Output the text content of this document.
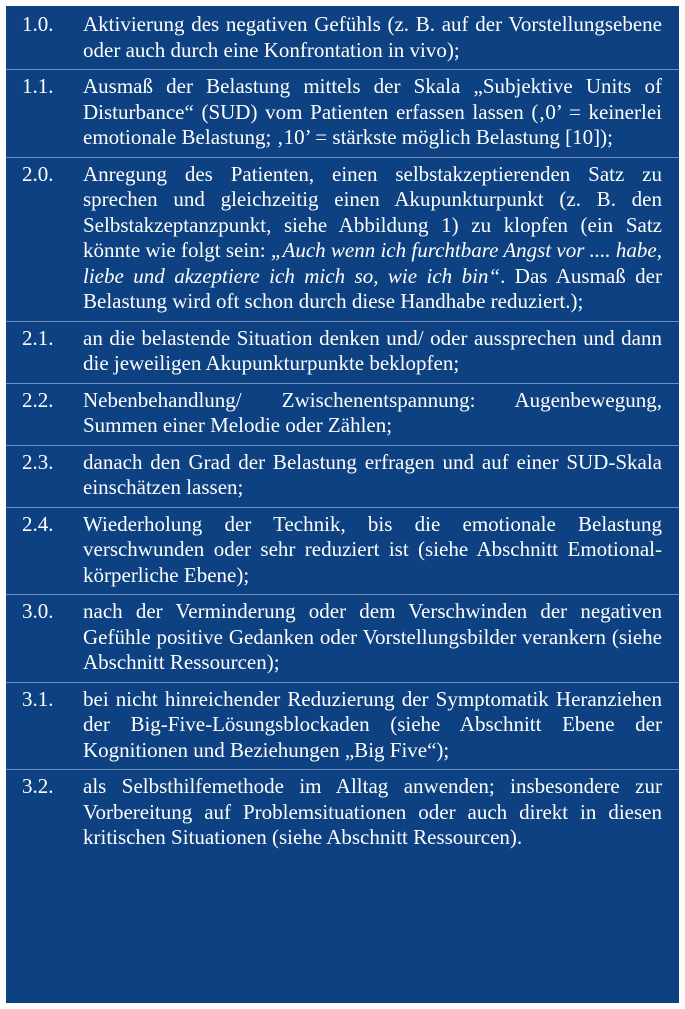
1.0. Aktivierung des negativen Gefühls (z. B. auf der Vorstellungsebene oder auch durch eine Konfrontation in vivo);
1.1. Ausmaß der Belastung mittels der Skala „Subjektive Units of Disturbance“ (SUD) vom Patienten erfassen lassen (‚0’ = keinerlei emotionale Belastung; ‚10’ = stärkste möglich Belastung [10]);
2.0. Anregung des Patienten, einen selbstakzeptierenden Satz zu sprechen und gleichzeitig einen Akupunkturpunkt (z. B. den Selbstakzeptanzpunkt, siehe Abbildung 1) zu klopfen (ein Satz könnte wie folgt sein: „Auch wenn ich furchtbare Angst vor .... habe, liebe und akzeptiere ich mich so, wie ich bin“. Das Ausmaß der Belastung wird oft schon durch diese Handhabe reduziert.);
2.1. an die belastende Situation denken und/ oder aussprechen und dann die jeweiligen Akupunkturpunkte beklopfen;
2.2. Nebenbehandlung/ Zwischenentspannung: Augenbewegung, Summen einer Melodie oder Zählen;
2.3. danach den Grad der Belastung erfragen und auf einer SUD-Skala einschätzen lassen;
2.4. Wiederholung der Technik, bis die emotionale Belastung verschwunden oder sehr reduziert ist (siehe Abschnitt Emotional-körperliche Ebene);
3.0. nach der Verminderung oder dem Verschwinden der negativen Gefühle positive Gedanken oder Vorstellungsbilder verankern (siehe Abschnitt Ressourcen);
3.1. bei nicht hinreichender Reduzierung der Symptomatik Heranziehen der Big-Five-Lösungsblockaden (siehe Abschnitt Ebene der Kognitionen und Beziehungen „Big Five“);
3.2. als Selbsthilfemethode im Alltag anwenden; insbesondere zur Vorbereitung auf Problemsituationen oder auch direkt in diesen kritischen Situationen (siehe Abschnitt Ressourcen).
